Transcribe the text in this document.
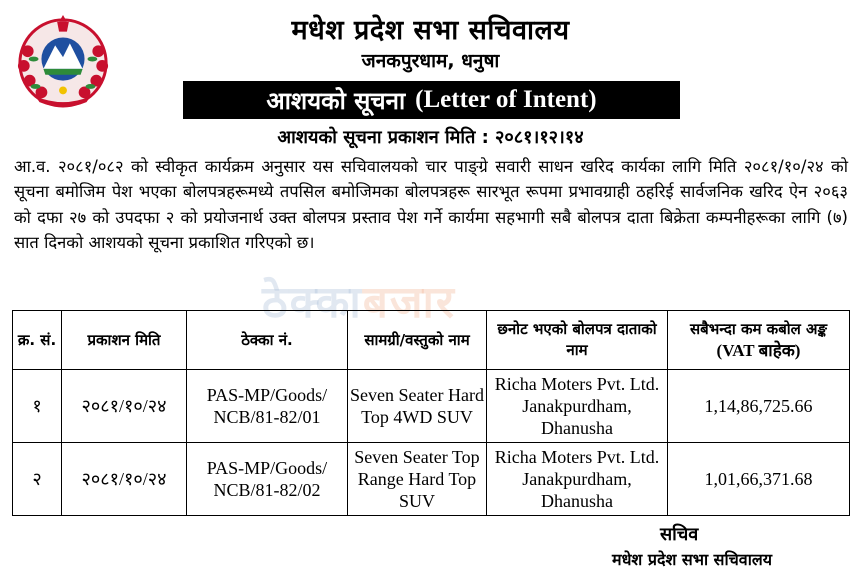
मधेश प्रदेश सभा सचिवालय
जनकपुरधाम, धनुषा
आशयको सूचना (Letter of Intent)
आशयको सूचना प्रकाशन मिति : २०८१।१२।१४

आ.व. २०८१/०८२ को स्वीकृत कार्यक्रम अनुसार यस सचिवालयको चार पाङ्ग्रे सवारी साधन खरिद कार्यका लागि मिति २०८१/१०/२४ को सूचना बमोजिम पेश भएका बोलपत्रहरूमध्ये तपसिल बमोजिमका बोलपत्रहरू सारभूत रूपमा प्रभावग्राही ठहरिई सार्वजनिक खरिद ऐन २०६३ को दफा २७ को उपदफा २ को प्रयोजनार्थ उक्त बोलपत्र प्रस्ताव पेश गर्ने कार्यमा सहभागी सबै बोलपत्र दाता बिक्रेता कम्पनीहरूका लागि (७) सात दिनको आशयको सूचना प्रकाशित गरिएको छ।

ठेक्काबजार
क्र. सं.	प्रकाशन मिति	ठेक्का नं.	सामग्री/वस्तुको नाम	छनोट भएको बोलपत्र दाताको नाम	सबैभन्दा कम कबोल अङ्क (VAT बाहेक)
१	२०८१/१०/२४	PAS-MP/Goods/ NCB/81-82/01	Seven Seater Hard Top 4WD SUV	Richa Moters Pvt. Ltd. Janakpurdham, Dhanusha	1,14,86,725.66
२	२०८१/१०/२४	PAS-MP/Goods/ NCB/81-82/02	Seven Seater Top Range Hard Top SUV	Richa Moters Pvt. Ltd. Janakpurdham, Dhanusha	1,01,66,371.68
सचिव
मधेश प्रदेश सभा सचिवालय
